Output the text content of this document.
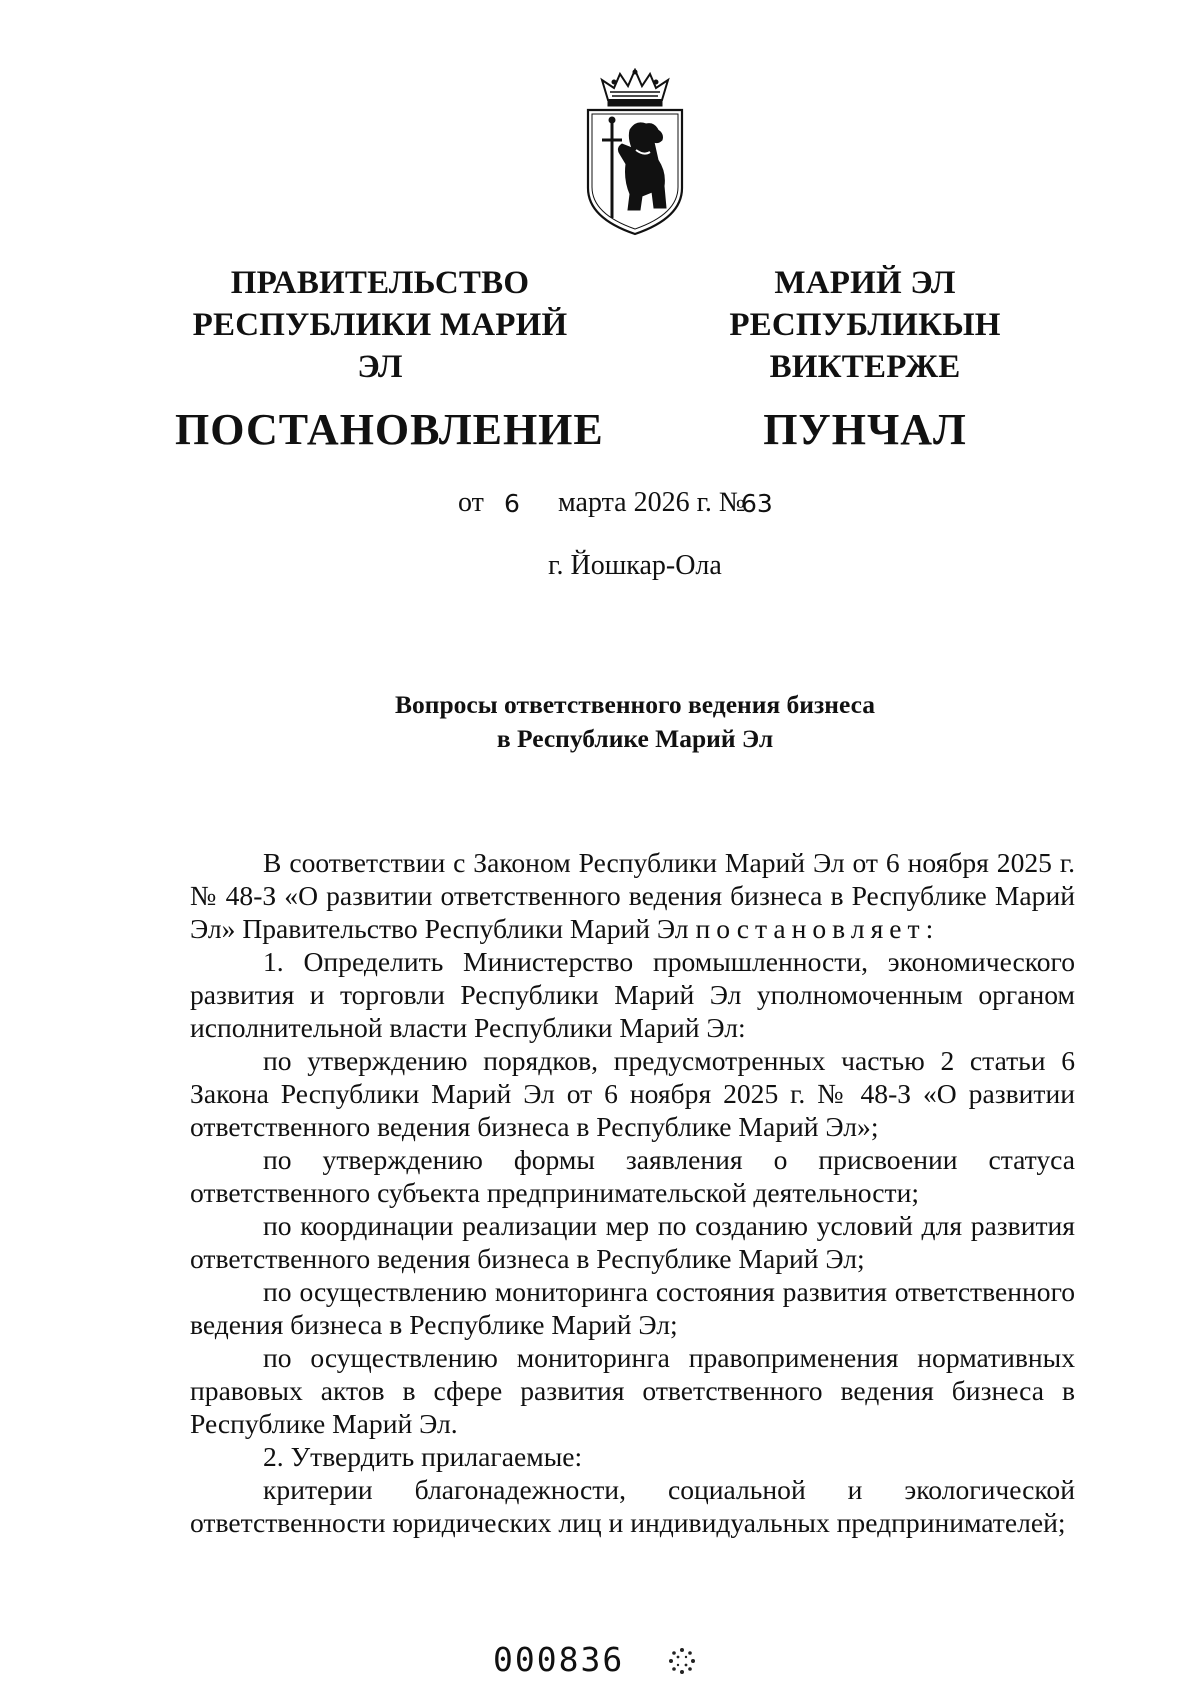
ПРАВИТЕЛЬСТВО
РЕСПУБЛИКИ МАРИЙ ЭЛ
ПОСТАНОВЛЕНИЕ
МАРИЙ ЭЛ РЕСПУБЛИКЫН
ВИКТЕРЖЕ
ПУНЧАЛ
от 6 марта 2026 г. №
63
г. Йошкар-Ола
Вопросы ответственного ведения бизнеса
в Республике Марий Эл

В соответствии с Законом Республики Марий Эл от 6 ноября 2025 г. № 48-З «О развитии ответственного ведения бизнеса в Республике Марий Эл» Правительство Республики Марий Эл постановляет:

1. Определить Министерство промышленности, экономического развития и торговли Республики Марий Эл уполномоченным органом исполнительной власти Республики Марий Эл:

по утверждению порядков, предусмотренных частью 2 статьи 6 Закона Республики Марий Эл от 6 ноября 2025 г. № 48-З «О развитии ответственного ведения бизнеса в Республике Марий Эл»;

по утверждению формы заявления о присвоении статуса ответственного субъекта предпринимательской деятельности;

по координации реализации мер по созданию условий для развития ответственного ведения бизнеса в Республике Марий Эл;

по осуществлению мониторинга состояния развития ответственного ведения бизнеса в Республике Марий Эл;

по осуществлению мониторинга правоприменения нормативных правовых актов в сфере развития ответственного ведения бизнеса в Республике Марий Эл.

2. Утвердить прилагаемые:

критерии благонадежности, социальной и экологической ответственности юридических лиц и индивидуальных предпринимателей;

000836
